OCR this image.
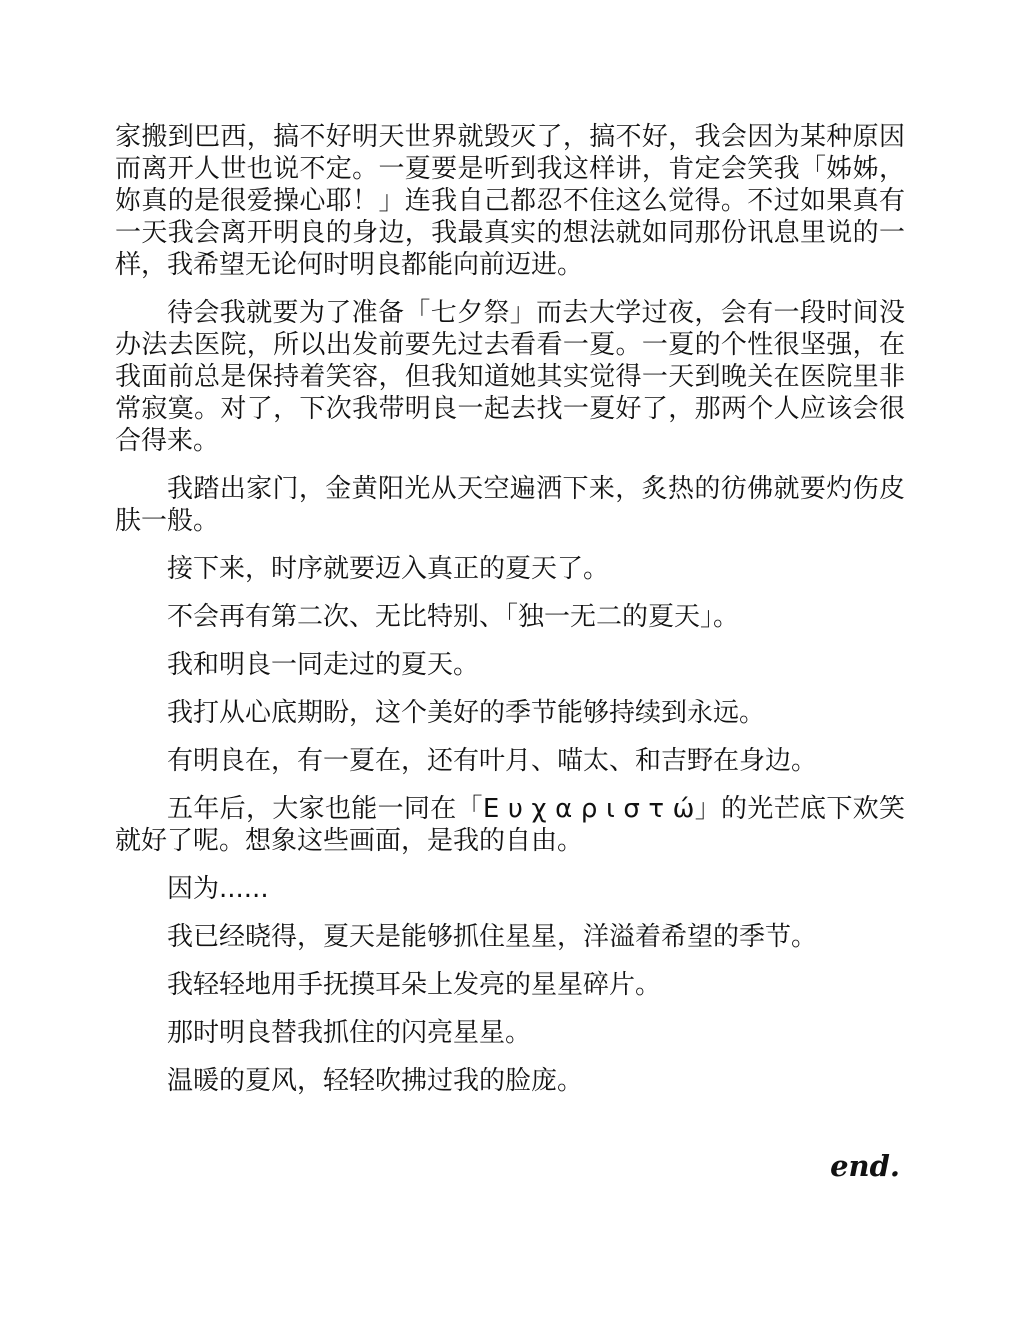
家搬到巴西，搞不好明天世界就毁灭了，搞不好，我会因为某种原因而离开人世也说不定。一夏要是听到我这样讲，肯定会笑我「姊姊，妳真的是很爱操心耶！」连我自己都忍不住这么觉得。不过如果真有一天我会离开明良的身边，我最真实的想法就如同那份讯息里说的一样，我希望无论何时明良都能向前迈进。

待会我就要为了准备「七夕祭」而去大学过夜，会有一段时间没办法去医院，所以出发前要先过去看看一夏。一夏的个性很坚强，在我面前总是保持着笑容，但我知道她其实觉得一天到晚关在医院里非常寂寞。对了，下次我带明良一起去找一夏好了，那两个人应该会很合得来。

我踏出家门，金黄阳光从天空遍洒下来，炙热的彷佛就要灼伤皮肤一般。

接下来，时序就要迈入真正的夏天了。

不会再有第二次、无比特别、「独一无二的夏天」。

我和明良一同走过的夏天。

我打从心底期盼，这个美好的季节能够持续到永远。

有明良在，有一夏在，还有叶月、喵太、和吉野在身边。

五年后，大家也能一同在「Ε υ χ α ρ ι σ τ ώ」的光芒底下欢笑就好了呢。想象这些画面，是我的自由。

因为......

我已经晓得，夏天是能够抓住星星，洋溢着希望的季节。

我轻轻地用手抚摸耳朵上发亮的星星碎片。

那时明良替我抓住的闪亮星星。

温暖的夏风，轻轻吹拂过我的脸庞。

end.
